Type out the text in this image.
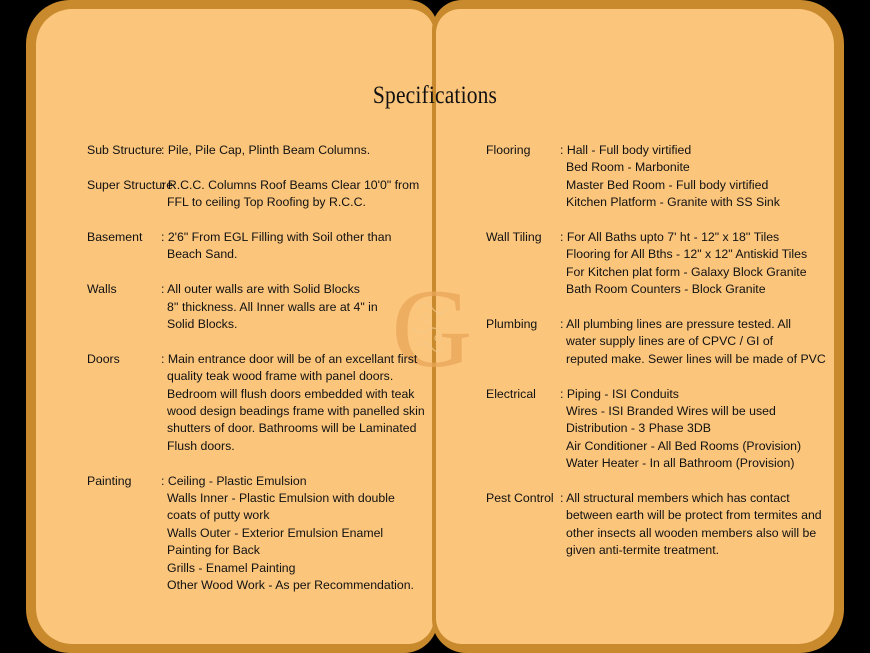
Specifications
G
Sub Structure
: Pile, Pile Cap, Plinth Beam Columns.
Super Structure
: R.C.C. Columns Roof Beams Clear 10'0" from
FFL to ceiling Top Roofing by R.C.C.
Basement	: 2'6" From EGL Filling with Soil other than
Beach Sand.
Walls	: All outer walls are with Solid Blocks
8'' thickness. All Inner walls are at 4" in
Solid Blocks.
Doors	: Main entrance door will be of an excellant first
quality teak wood frame with panel doors.
Bedroom will flush doors embedded with teak
wood design beadings frame with panelled skin
shutters of door. Bathrooms will be Laminated
Flush doors.
Painting	: Ceiling - Plastic Emulsion
Walls Inner - Plastic Emulsion with double
coats of putty work
Walls Outer - Exterior Emulsion Enamel
Painting for Back
Grills - Enamel Painting
Other Wood Work - As per Recommendation.
Flooring	: Hall - Full body virtified
Bed Room - Marbonite
Master Bed Room - Full body virtified
Kitchen Platform - Granite with SS Sink
Wall Tiling	: For All Baths upto 7' ht - 12" x 18'' Tiles
Flooring for All Bths - 12" x 12" Antiskid Tiles
For Kitchen plat form - Galaxy Block Granite
Bath Room Counters - Block Granite
Plumbing	: All plumbing lines are pressure tested. All
water supply lines are of CPVC / GI of
reputed make. Sewer lines will be made of PVC
Electrical	: Piping - ISI Conduits
Wires - ISI Branded Wires will be used
Distribution - 3 Phase 3DB
Air Conditioner - All Bed Rooms (Provision)
Water Heater - In all Bathroom (Provision)
Pest Control : All structural members which has contact
between earth will be protect from termites and
other insects all wooden members also will be
given anti-termite treatment.
